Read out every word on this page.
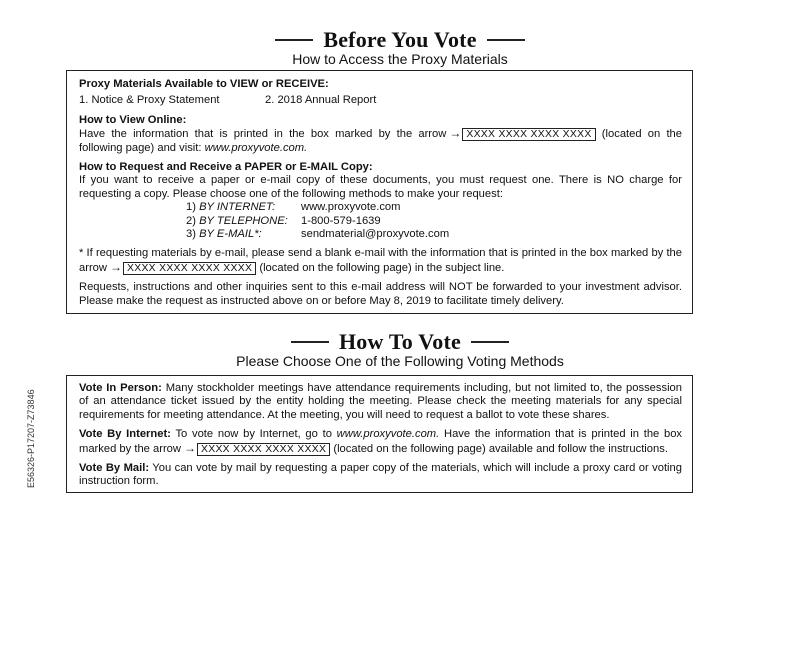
Before You Vote
How to Access the Proxy Materials

Proxy Materials Available to VIEW or RECEIVE:

1. Notice & Proxy Statement	2. 2018 Annual Report

How to View Online:

Have the information that is printed in the box marked by the arrow → XXXX XXXX XXXX XXXX (located on the following page) and visit: www.proxyvote.com.

How to Request and Receive a PAPER or E-MAIL Copy:

If you want to receive a paper or e-mail copy of these documents, you must request one. There is NO charge for requesting a copy. Please choose one of the following methods to make your request:

1) BY INTERNET:	www.proxyvote.com
2) BY TELEPHONE:	1-800-579-1639
3) BY E-MAIL*:	sendmaterial@proxyvote.com

* If requesting materials by e-mail, please send a blank e-mail with the information that is printed in the box marked by the arrow → XXXX XXXX XXXX XXXX (located on the following page) in the subject line.

Requests, instructions and other inquiries sent to this e-mail address will NOT be forwarded to your investment advisor. Please make the request as instructed above on or before May 8, 2019 to facilitate timely delivery.

How To Vote
Please Choose One of the Following Voting Methods

Vote In Person: Many stockholder meetings have attendance requirements including, but not limited to, the possession of an attendance ticket issued by the entity holding the meeting. Please check the meeting materials for any special requirements for meeting attendance. At the meeting, you will need to request a ballot to vote these shares.

Vote By Internet: To vote now by Internet, go to www.proxyvote.com. Have the information that is printed in the box marked by the arrow → XXXX XXXX XXXX XXXX (located on the following page) available and follow the instructions.

Vote By Mail: You can vote by mail by requesting a paper copy of the materials, which will include a proxy card or voting instruction form.

E56326-P17207-Z73846
